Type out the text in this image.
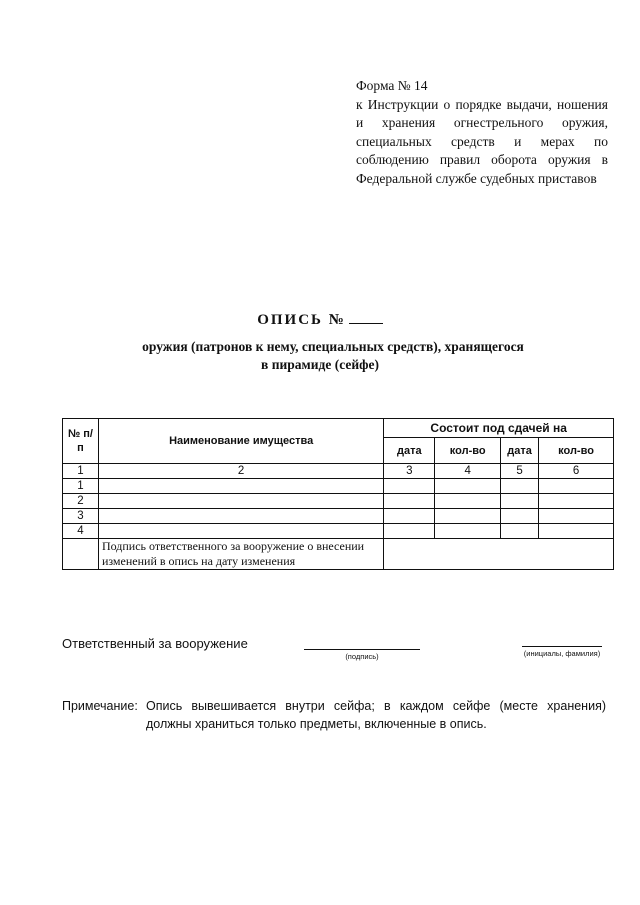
Форма № 14

к Инструкции о порядке выдачи, ношения и хранения огнестрельного оружия, специальных средств и мерах по соблюдению правил оборота оружия в Федеральной службе судебных приставов

ОПИСЬ №
оружия (патронов к нему, специальных средств), хранящегося
в пирамиде (сейфе)
№ п/п	Наименование имущества	Состоит под сдачей на			
		дата	кол-во	дата	кол-во
1	2	3	4	5	6
1					
2					
3					
4					
	Подпись ответственного за вооружение о внесении изменений в опись на дату изменения				
Ответственный за вооружение
(подпись)	(инициалы, фамилия)
Примечание: Опись вывешивается внутри сейфа; в каждом сейфе (месте хранения) должны храниться только предметы, включенные в опись.
